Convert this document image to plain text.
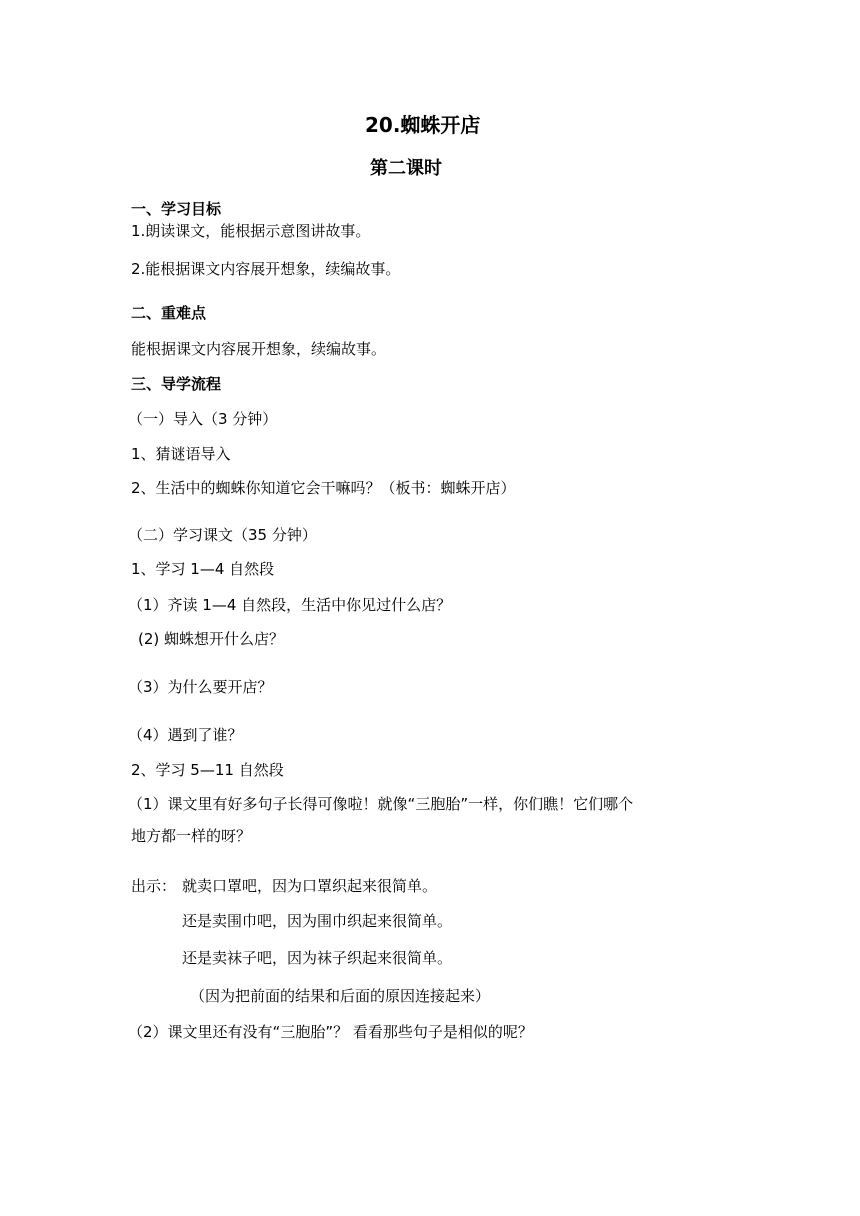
20.蜘蛛开店
第二课时
一、学习目标
1.朗读课文，能根据示意图讲故事。
2.能根据课文内容展开想象，续编故事。
二、重难点
能根据课文内容展开想象，续编故事。
三、导学流程
（一）导入（3 分钟）
1、猜谜语导入
2、生活中的蜘蛛你知道它会干嘛吗？（板书：蜘蛛开店）
（二）学习课文（35 分钟）
1、学习 1—4 自然段
（1）齐读 1—4 自然段，生活中你见过什么店？
(2) 蜘蛛想开什么店？
（3）为什么要开店？
（4）遇到了谁？
2、学习 5—11 自然段
（1）课文里有好多句子长得可像啦！就像“三胞胎”一样，你们瞧！它们哪个
地方都一样的呀？
出示： 就卖口罩吧，因为口罩织起来很简单。
还是卖围巾吧，因为围巾织起来很简单。
还是卖袜子吧，因为袜子织起来很简单。
（因为把前面的结果和后面的原因连接起来）
（2）课文里还有没有“三胞胎”？ 看看那些句子是相似的呢？
